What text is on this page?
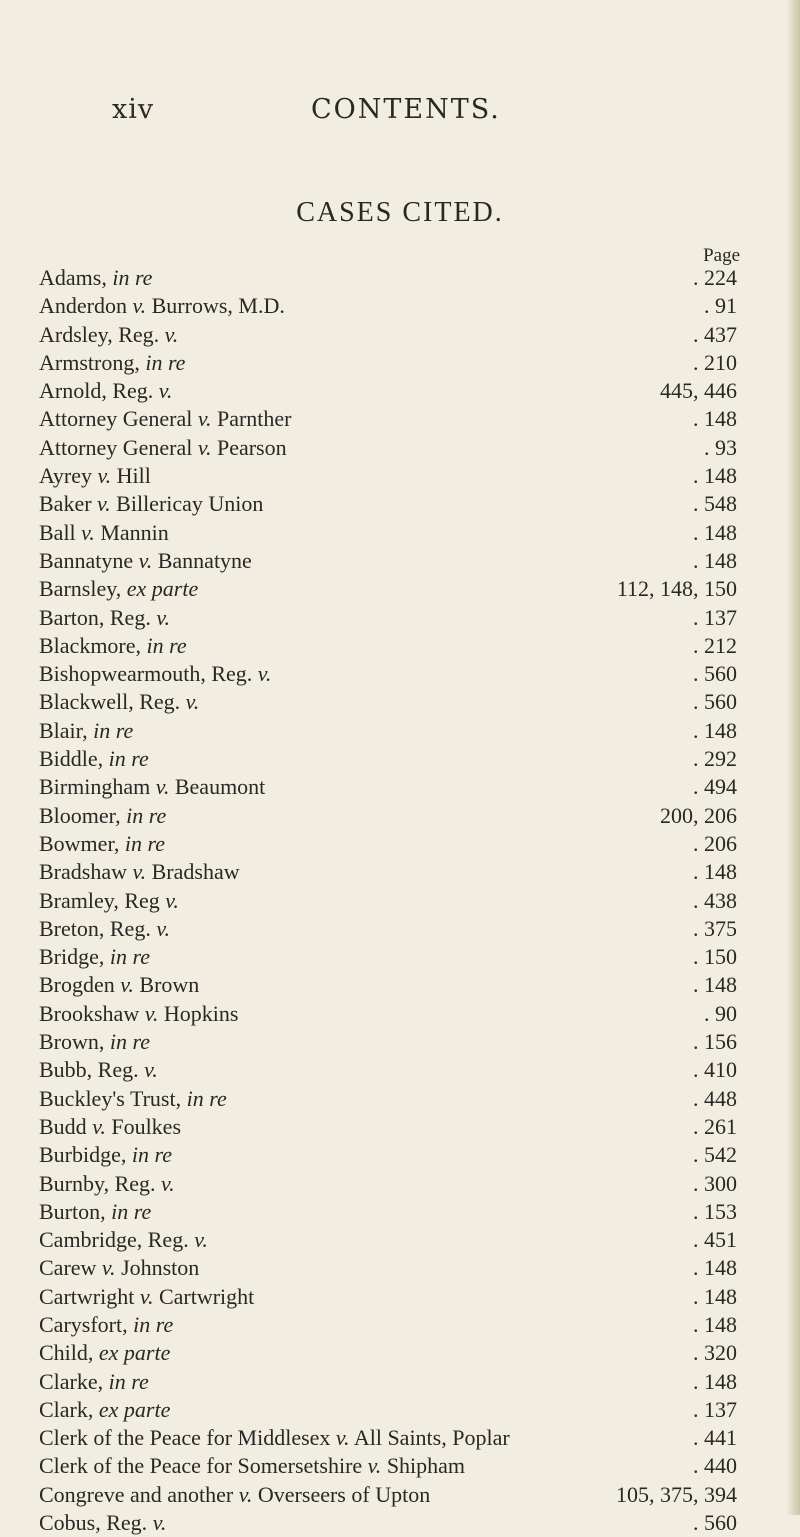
xiv	CONTENTS.
CASES CITED.
Page
Adams, in re	. 224
Anderdon v. Burrows, M.D.	. 91
Ardsley, Reg. v.	. 437
Armstrong, in re	. 210
Arnold, Reg. v.	445, 446
Attorney General v. Parnther	. 148
Attorney General v. Pearson	. 93
Ayrey v. Hill	. 148
Baker v. Billericay Union	. 548
Ball v. Mannin	. 148
Bannatyne v. Bannatyne	. 148
Barnsley, ex parte	112, 148, 150
Barton, Reg. v.	. 137
Blackmore, in re	. 212
Bishopwearmouth, Reg. v.	. 560
Blackwell, Reg. v.	. 560
Blair, in re	. 148
Biddle, in re	. 292
Birmingham v. Beaumont	. 494
Bloomer, in re	200, 206
Bowmer, in re	. 206
Bradshaw v. Bradshaw	. 148
Bramley, Reg v.	. 438
Breton, Reg. v.	. 375
Bridge, in re	. 150
Brogden v. Brown	. 148
Brookshaw v. Hopkins	. 90
Brown, in re	. 156
Bubb, Reg. v.	. 410
Buckley's Trust, in re	. 448
Budd v. Foulkes	. 261
Burbidge, in re	. 542
Burnby, Reg. v.	. 300
Burton, in re	. 153
Cambridge, Reg. v.	. 451
Carew v. Johnston	. 148
Cartwright v. Cartwright	. 148
Carysfort, in re	. 148
Child, ex parte	. 320
Clarke, in re	. 148
Clark, ex parte	. 137
Clerk of the Peace for Middlesex v. All Saints, Poplar	. 441
Clerk of the Peace for Somersetshire v. Shipham	. 440
Congreve and another v. Overseers of Upton	105, 375, 394
Cobus, Reg. v.	. 560
